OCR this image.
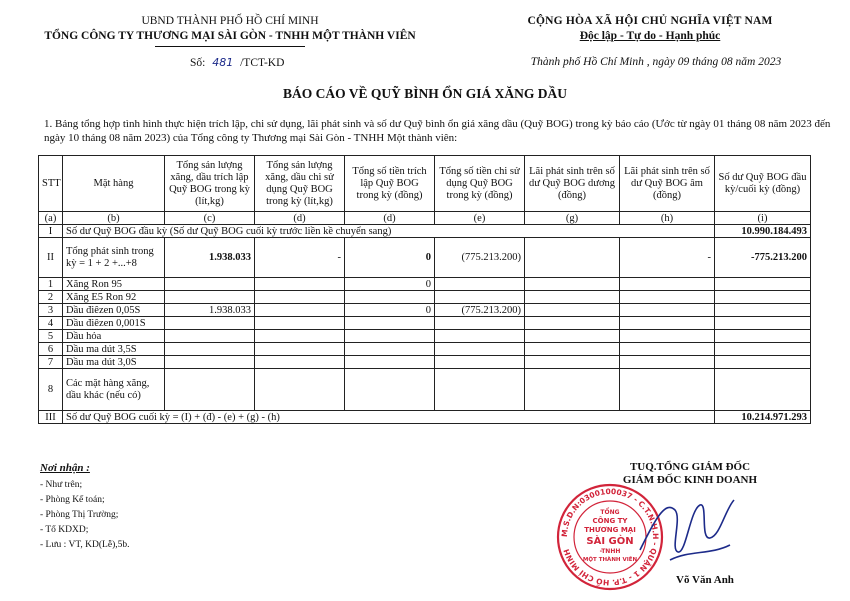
UBND THÀNH PHỐ HỒ CHÍ MINH
TỔNG CÔNG TY THƯƠNG MẠI SÀI GÒN - TNHH MỘT THÀNH VIÊN
CỘNG HÒA XÃ HỘI CHỦ NGHĨA VIỆT NAM
Độc lập - Tự do - Hạnh phúc
Số: 481 /TCT-KD	Thành phố Hồ Chí Minh , ngày 09 tháng 08 năm 2023
BÁO CÁO VỀ QUỸ BÌNH ỔN GIÁ XĂNG DẦU
1. Bảng tổng hợp tình hình thực hiện trích lập, chi sử dụng, lãi phát sinh và số dư Quỹ bình ổn giá xăng dầu (Quỹ BOG) trong kỳ báo cáo (Ước từ ngày 01 tháng 08 năm 2023 đến ngày 10 tháng 08 năm 2023) của Tổng công ty Thương mại Sài Gòn - TNHH Một thành viên:
STT	Mặt hàng	Tổng sản lượng xăng, dầu trích lập Quỹ BOG trong kỳ (lít,kg)	Tổng sản lượng xăng, dầu chi sử dụng Quỹ BOG trong kỳ (lít,kg)	Tổng số tiền trích lập Quỹ BOG trong kỳ (đồng)	Tổng số tiền chi sử dụng Quỹ BOG trong kỳ (đồng)	Lãi phát sinh trên số dư Quỹ BOG dương (đồng)	Lãi phát sinh trên số dư Quỹ BOG âm (đồng)	Số dư Quỹ BOG đầu kỳ/cuối kỳ (đồng)
(a)	(b)	(c)	(d)	(d)	(e)	(g)	(h)	(i)
I	Số dư Quỹ BOG đầu kỳ (Số dư Quỹ BOG cuối kỳ trước liền kề chuyển sang)							10.990.184.493
II	Tổng phát sinh trong kỳ = 1 + 2 +...+8	1.938.033	-	0	(775.213.200)		-	-775.213.200
1	Xăng Ron 95			0				
2	Xăng E5 Ron 92							
3	Dầu điêzen 0,05S	1.938.033		0	(775.213.200)			
4	Dầu điêzen 0,001S							
5	Dầu hỏa							
6	Dầu ma dút 3,5S							
7	Dầu ma dút 3,0S							
8	Các mặt hàng xăng, dầu khác (nếu có)							
III	Số dư Quỹ BOG cuối kỳ = (I) + (đ) - (e) + (g) - (h)							10.214.971.293
Nơi nhận :
- Như trên;
- Phòng Kế toán;
- Phòng Thị Trường;
- Tổ KDXD;
- Lưu : VT, KD(Lễ),5b.
TUQ.TỔNG GIÁM ĐỐC
GIÁM ĐỐC KINH DOANH
M.S.D.N:0300100037 - C.T.N.H.H - QUẬN 1 - T.P. HỒ CHÍ MINH
TỔNG
CÔNG TY
THƯƠNG MẠI
SÀI GÒN
-TNHH
MỘT THÀNH VIÊN
Võ Văn Anh
